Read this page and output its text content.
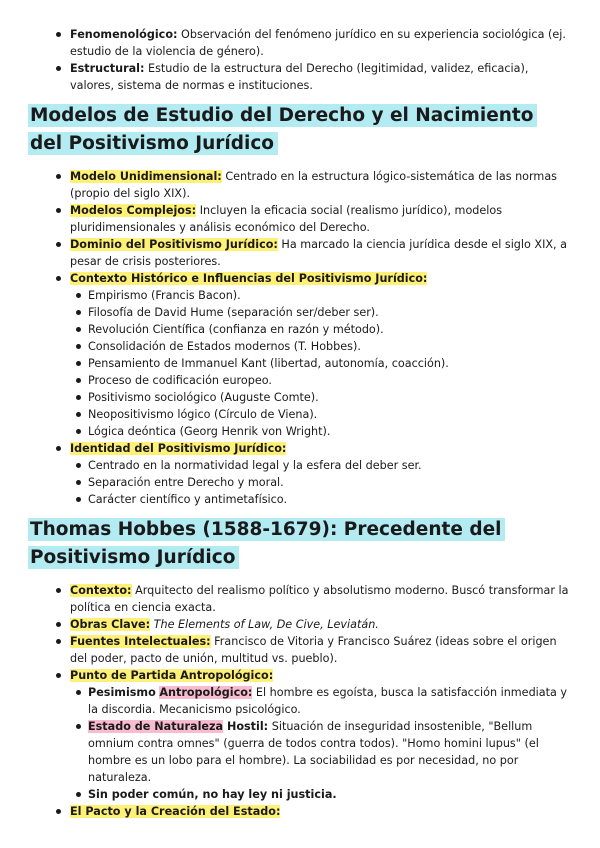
Fenomenológico: Observación del fenómeno jurídico en su experiencia sociológica (ej. estudio de la violencia de género).
Estructural: Estudio de la estructura del Derecho (legitimidad, validez, eficacia), valores, sistema de normas e instituciones.
Modelos de Estudio del Derecho y el Nacimiento del Positivismo Jurídico
Modelo Unidimensional: Centrado en la estructura lógico-sistemática de las normas (propio del siglo XIX).
Modelos Complejos: Incluyen la eficacia social (realismo jurídico), modelos pluridimensionales y análisis económico del Derecho.
Dominio del Positivismo Jurídico: Ha marcado la ciencia jurídica desde el siglo XIX, a pesar de crisis posteriores.
Contexto Histórico e Influencias del Positivismo Jurídico:
Empirismo (Francis Bacon).
Filosofía de David Hume (separación ser/deber ser).
Revolución Científica (confianza en razón y método).
Consolidación de Estados modernos (T. Hobbes).
Pensamiento de Immanuel Kant (libertad, autonomía, coacción).
Proceso de codificación europeo.
Positivismo sociológico (Auguste Comte).
Neopositivismo lógico (Círculo de Viena).
Lógica deóntica (Georg Henrik von Wright).
Identidad del Positivismo Jurídico:
Centrado en la normatividad legal y la esfera del deber ser.
Separación entre Derecho y moral.
Carácter científico y antimetafísico.
Thomas Hobbes (1588-1679): Precedente del Positivismo Jurídico
Contexto: Arquitecto del realismo político y absolutismo moderno. Buscó transformar la política en ciencia exacta.
Obras Clave: The Elements of Law, De Cive, Leviatán.
Fuentes Intelectuales: Francisco de Vitoria y Francisco Suárez (ideas sobre el origen del poder, pacto de unión, multitud vs. pueblo).
Punto de Partida Antropológico:
Pesimismo Antropológico: El hombre es egoísta, busca la satisfacción inmediata y la discordia. Mecanicismo psicológico.
Estado de Naturaleza Hostil: Situación de inseguridad insostenible, "Bellum omnium contra omnes" (guerra de todos contra todos). "Homo homini lupus" (el hombre es un lobo para el hombre). La sociabilidad es por necesidad, no por naturaleza.
Sin poder común, no hay ley ni justicia.
El Pacto y la Creación del Estado:
